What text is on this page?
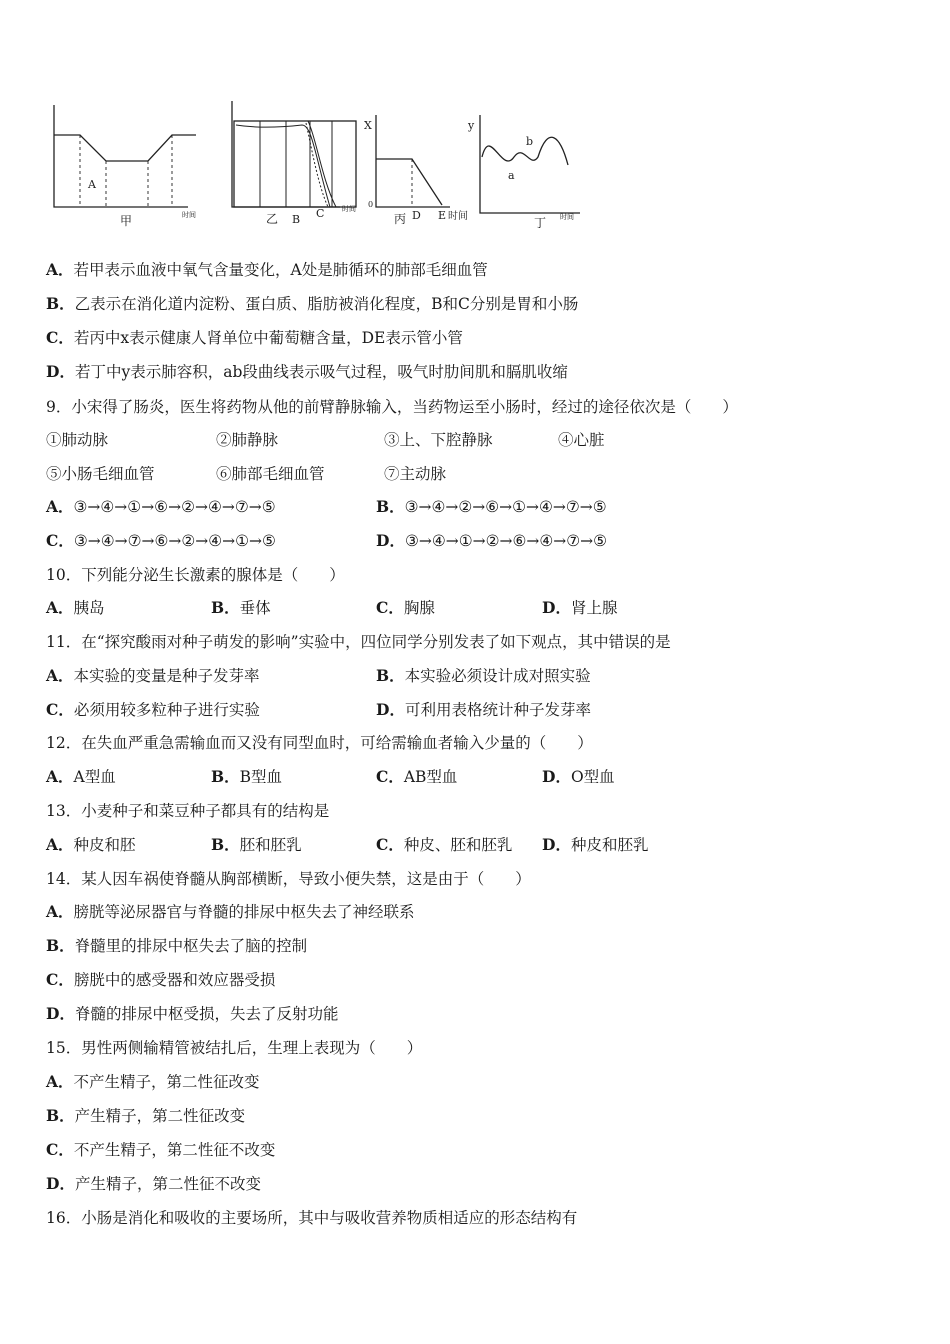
A
甲	时间	乙 B C	时间
X
0
丙 D E 时间
y
a
b
丁 时间
A．若甲表示血液中氧气含量变化，A处是肺循环的肺部毛细血管
B．乙表示在消化道内淀粉、蛋白质、脂肪被消化程度，B和C分别是胃和小肠
C．若丙中x表示健康人肾单位中葡萄糖含量，DE表示管小管
D．若丁中y表示肺容积，ab段曲线表示吸气过程，吸气时肋间肌和膈肌收缩
9．小宋得了肠炎，医生将药物从他的前臂静脉输入，当药物运至小肠时，经过的途径依次是（　　）
①肺动脉	②肺静脉	③上、下腔静脉	④心脏
⑤小肠毛细血管	⑥肺部毛细血管	⑦主动脉
A．③→④→①→⑥→②→④→⑦→⑤	B．③→④→②→⑥→①→④→⑦→⑤
C．③→④→⑦→⑥→②→④→①→⑤	D．③→④→①→②→⑥→④→⑦→⑤
10．下列能分泌生长激素的腺体是（　　）
A．胰岛	B．垂体	C．胸腺	D．肾上腺
11．在“探究酸雨对种子萌发的影响”实验中，四位同学分别发表了如下观点，其中错误的是
A．本实验的变量是种子发芽率	B．本实验必须设计成对照实验
C．必须用较多粒种子进行实验	D．可利用表格统计种子发芽率
12．在失血严重急需输血而又没有同型血时，可给需输血者输入少量的（　　）
A．A型血	B．B型血	C．AB型血	D．O型血
13．小麦种子和菜豆种子都具有的结构是
A．种皮和胚	B．胚和胚乳	C．种皮、胚和胚乳 D．种皮和胚乳
14．某人因车祸使脊髓从胸部横断，导致小便失禁，这是由于（　　）
A．膀胱等泌尿器官与脊髓的排尿中枢失去了神经联系
B．脊髓里的排尿中枢失去了脑的控制
C．膀胱中的感受器和效应器受损
D．脊髓的排尿中枢受损，失去了反射功能
15．男性两侧输精管被结扎后，生理上表现为（　　）
A．不产生精子，第二性征改变
B．产生精子，第二性征改变
C．不产生精子，第二性征不改变
D．产生精子，第二性征不改变
16．小肠是消化和吸收的主要场所，其中与吸收营养物质相适应的形态结构有
